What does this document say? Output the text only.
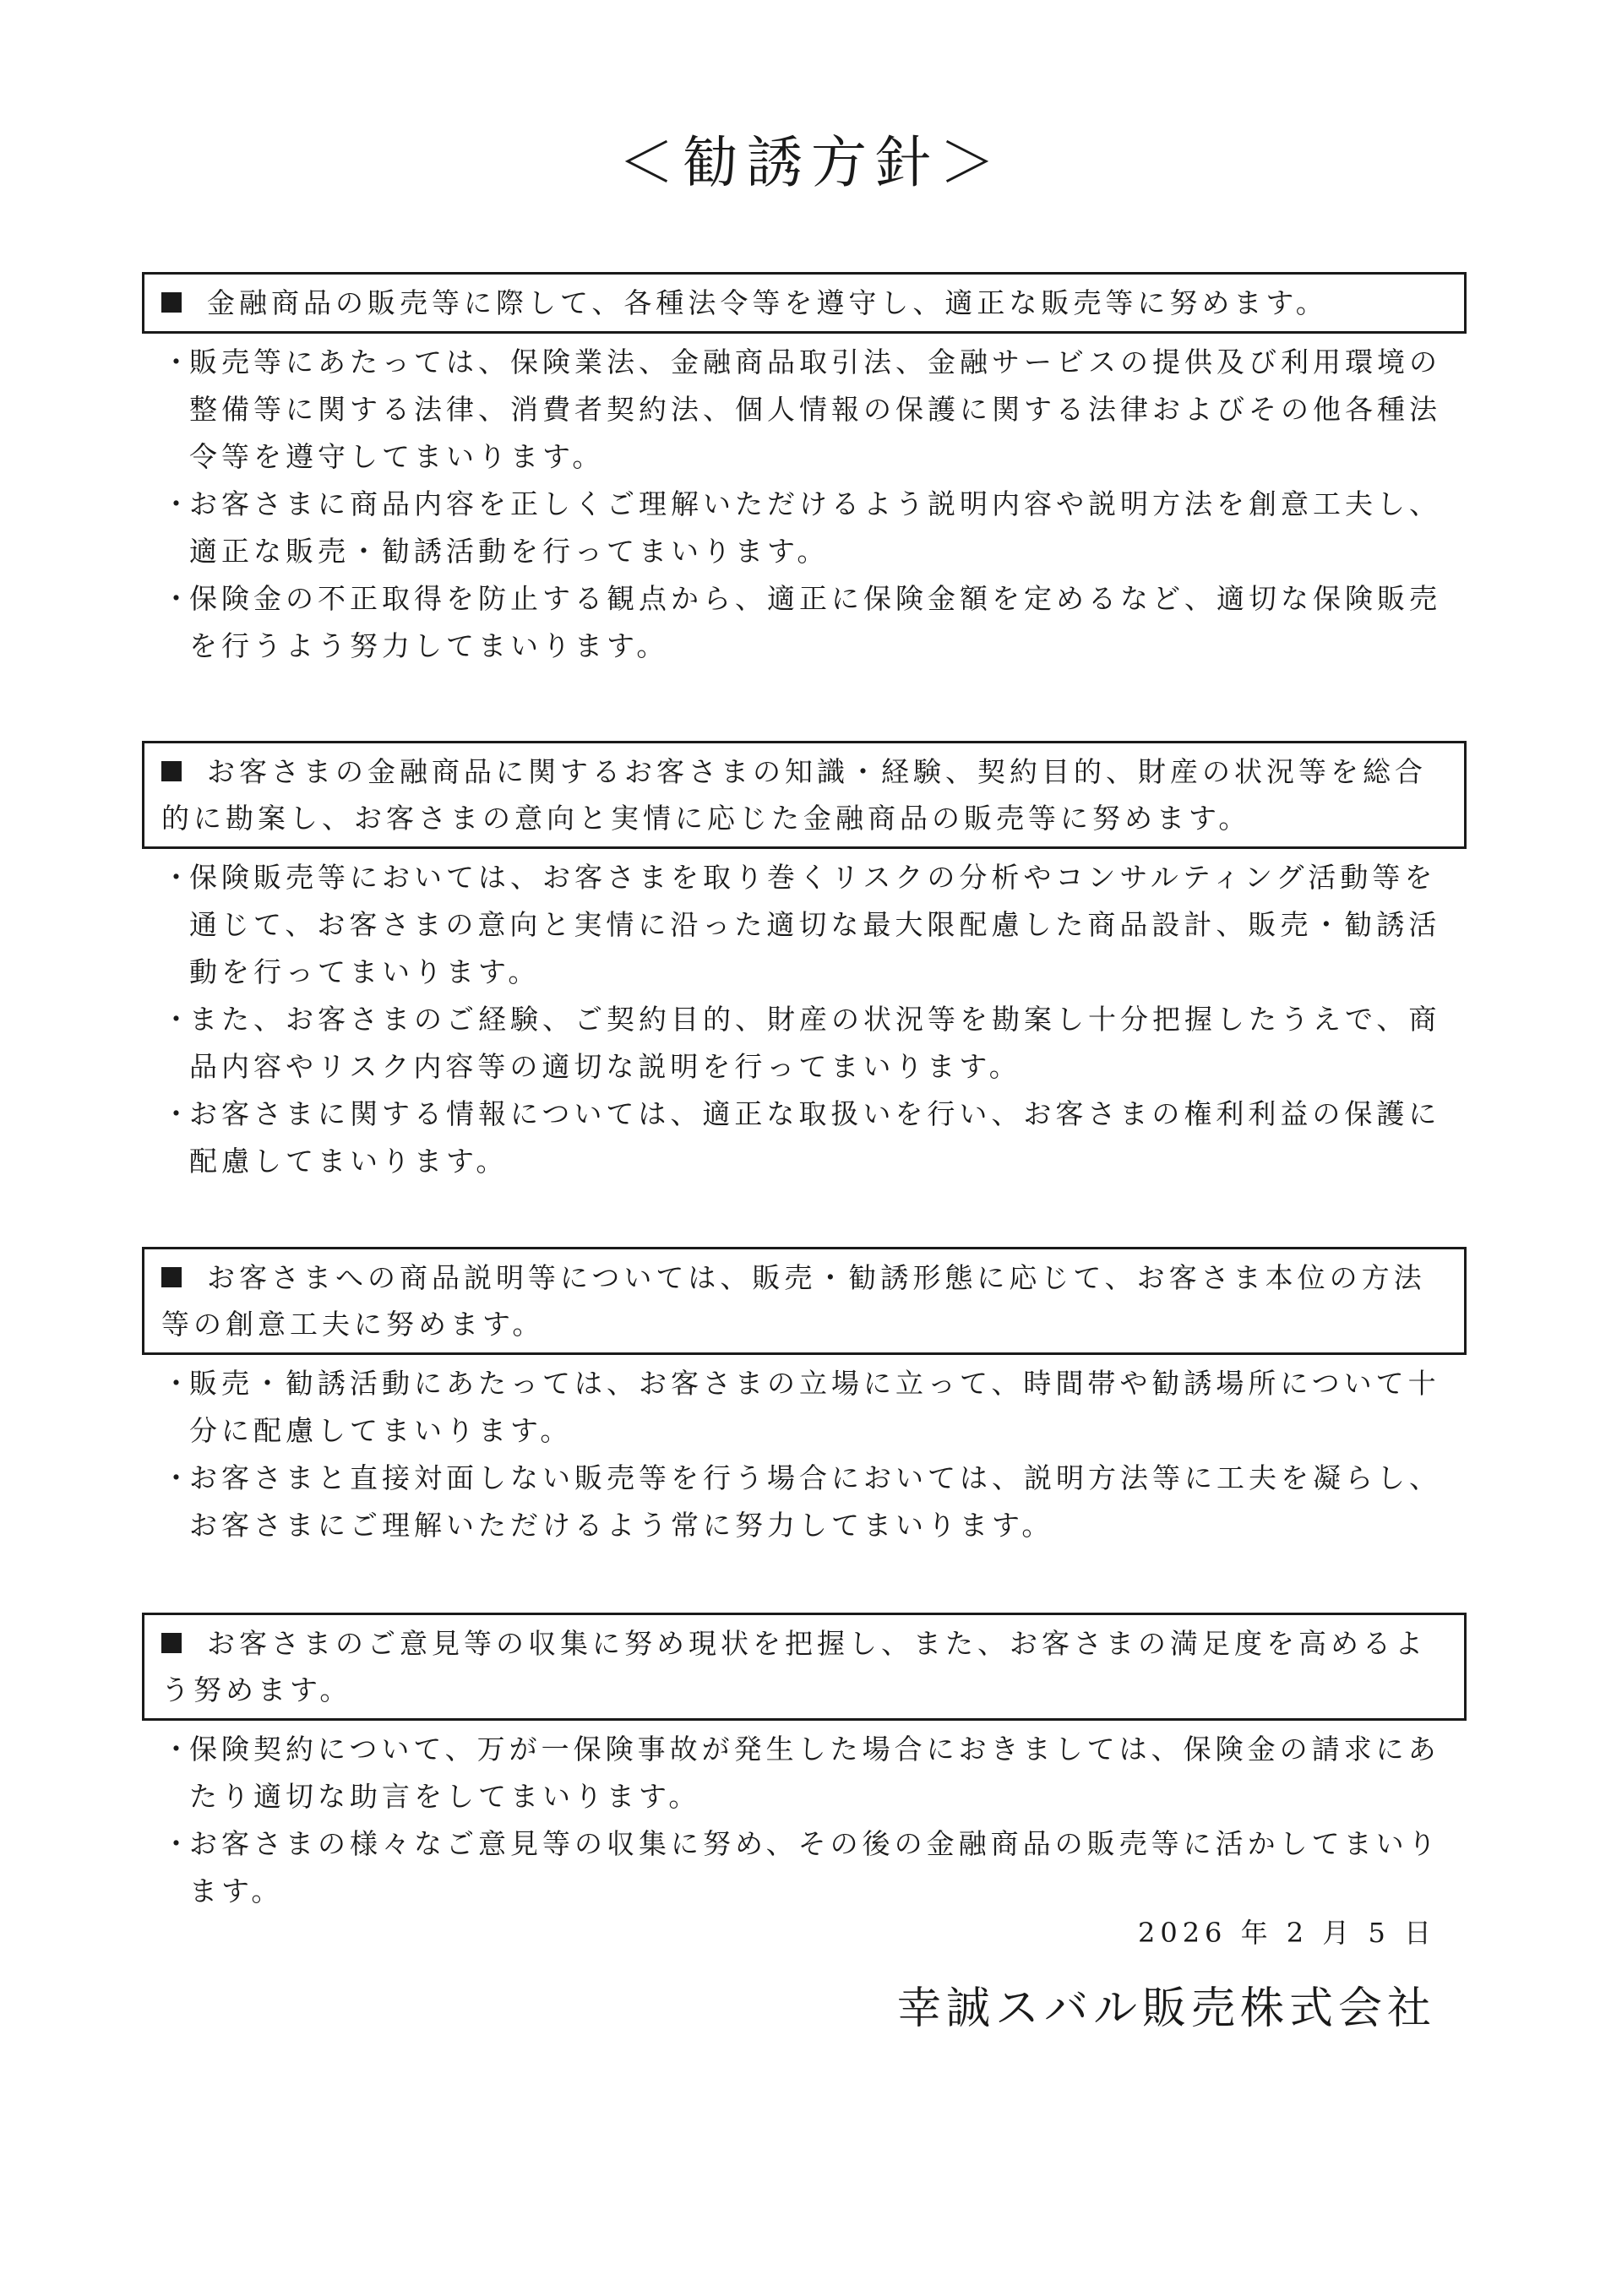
＜勧誘方針＞
金融商品の販売等に際して、各種法令等を遵守し、適正な販売等に努めます。
・
販売等にあたっては、保険業法、金融商品取引法、金融サービスの提供及び利用環境の整備等に関する法律、消費者契約法、個人情報の保護に関する法律およびその他各種法令等を遵守してまいります。
・
お客さまに商品内容を正しくご理解いただけるよう説明内容や説明方法を創意工夫し、適正な販売・勧誘活動を行ってまいります。
・
保険金の不正取得を防止する観点から、適正に保険金額を定めるなど、適切な保険販売を行うよう努力してまいります。
お客さまの金融商品に関するお客さまの知識・経験、契約目的、財産の状況等を総合的に勘案し、お客さまの意向と実情に応じた金融商品の販売等に努めます。
・
保険販売等においては、お客さまを取り巻くリスクの分析やコンサルティング活動等を通じて、お客さまの意向と実情に沿った適切な最大限配慮した商品設計、販売・勧誘活動を行ってまいります。
・
また、お客さまのご経験、ご契約目的、財産の状況等を勘案し十分把握したうえで、商品内容やリスク内容等の適切な説明を行ってまいります。
・
お客さまに関する情報については、適正な取扱いを行い、お客さまの権利利益の保護に配慮してまいります。
お客さまへの商品説明等については、販売・勧誘形態に応じて、お客さま本位の方法等の創意工夫に努めます。
・
販売・勧誘活動にあたっては、お客さまの立場に立って、時間帯や勧誘場所について十分に配慮してまいります。
・
お客さまと直接対面しない販売等を行う場合においては、説明方法等に工夫を凝らし、お客さまにご理解いただけるよう常に努力してまいります。
お客さまのご意見等の収集に努め現状を把握し、また、お客さまの満足度を高めるよう努めます。
・
保険契約について、万が一保険事故が発生した場合におきましては、保険金の請求にあたり適切な助言をしてまいります。
・
お客さまの様々なご意見等の収集に努め、その後の金融商品の販売等に活かしてまいります。
2026 年 2 月 5 日
幸誠スバル販売株式会社
